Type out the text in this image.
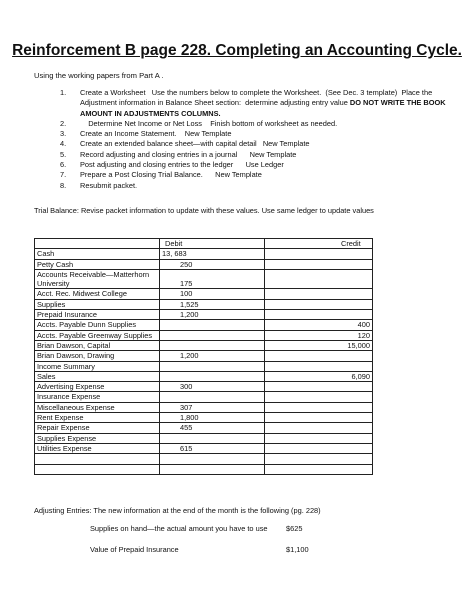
Reinforcement B page 228. Completing an Accounting Cycle.
Using the working papers from Part A .
1.	Create a Worksheet   Use the numbers below to complete the Worksheet.  (See Dec. 3 template)  Place the Adjustment information in Balance Sheet section:  determine adjusting entry value DO NOT WRITE THE BOOK AMOUNT IN ADJUSTMENTS COLUMNS.
2.	Determine Net Income or Net Loss    Finish bottom of worksheet as needed.
3.	Create an Income Statement.    New Template
4.	Create an extended balance sheet—with capital detail   New Template
5.	Record adjusting and closing entries in a journal      New Template
6.	Post adjusting and closing entries to the ledger      Use Ledger
7.	Prepare a Post Closing Trial Balance.      New Template
8.	Resubmit packet.
Trial Balance: Revise packet information to update with these values. Use same ledger to update values
	Debit	Credit
Cash	13, 683	
Petty Cash	250	
Accounts Receivable—Matterhorn University	175	
Acct. Rec. Midwest College	100	
Supplies	1,525	
Prepaid Insurance	1,200	
Accts. Payable Dunn Supplies		400
Accts. Payable Greenway Supplies		120
Brian Dawson, Capital		15,000
Brian Dawson, Drawing	1,200	
Income Summary		
Sales		6,090
Advertising Expense	300	
Insurance Expense		
Miscellaneous Expense	307	
Rent Expense	1,800	
Repair Expense	455	
Supplies Expense		
Utilities Expense	615	

Adjusting Entries: The new information at the end of the month is the following (pg. 228)
Supplies on hand—the actual amount you have to use	$625
Value of Prepaid Insurance	$1,100
